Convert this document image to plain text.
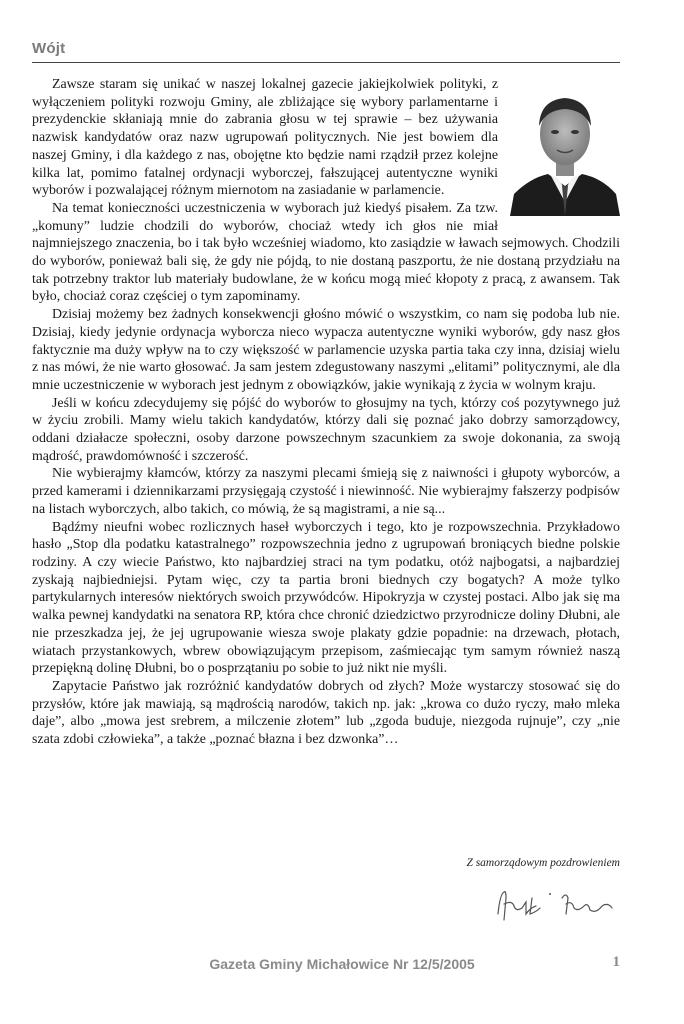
Wójt

Zawsze staram się unikać w naszej lokalnej gazecie jakiejkolwiek polityki, z wyłączeniem polityki rozwoju Gminy, ale zbliżające się wybory parlamentarne i prezydenckie skłaniają mnie do zabrania głosu w tej sprawie – bez używania nazwisk kandydatów oraz nazw ugrupowań politycznych. Nie jest bowiem dla naszej Gminy, i dla każdego z nas, obojętne kto będzie nami rządził przez kolejne kilka lat, pomimo fatalnej ordynacji wyborczej, fałszującej autentyczne wyniki wyborów i pozwalającej różnym miernotom na zasiadanie w parlamencie.

Na temat konieczności uczestniczenia w wyborach już kiedyś pisałem. Za tzw. „komuny” ludzie chodzili do wyborów, chociaż wtedy ich głos nie miał najmniejszego znaczenia, bo i tak było wcześniej wiadomo, kto zasiądzie w ławach sejmowych. Chodzili do wyborów, ponieważ bali się, że gdy nie pójdą, to nie dostaną paszportu, że nie dostaną przydziału na tak potrzebny traktor lub materiały budowlane, że w końcu mogą mieć kłopoty z pracą, z awansem. Tak było, chociaż coraz częściej o tym zapominamy.

Dzisiaj możemy bez żadnych konsekwencji głośno mówić o wszystkim, co nam się podoba lub nie. Dzisiaj, kiedy jedynie ordynacja wyborcza nieco wypacza autentyczne wyniki wyborów, gdy nasz głos faktycznie ma duży wpływ na to czy większość w parlamencie uzyska partia taka czy inna, dzisiaj wielu z nas mówi, że nie warto głosować. Ja sam jestem zdegustowany naszymi „elitami” politycznymi, ale dla mnie uczestniczenie w wyborach jest jednym z obowiązków, jakie wynikają z życia w wolnym kraju.

Jeśli w końcu zdecydujemy się pójść do wyborów to głosujmy na tych, którzy coś pozytywnego już w życiu zrobili. Mamy wielu takich kandydatów, którzy dali się poznać jako dobrzy samorządowcy, oddani działacze społeczni, osoby darzone powszechnym szacunkiem za swoje dokonania, za swoją mądrość, prawdomówność i szczerość.

Nie wybierajmy kłamców, którzy za naszymi plecami śmieją się z naiwności i głupoty wyborców, a przed kamerami i dziennikarzami przysięgają czystość i niewinność. Nie wybierajmy fałszerzy podpisów na listach wyborczych, albo takich, co mówią, że są magistrami, a nie są...

Bądźmy nieufni wobec rozlicznych haseł wyborczych i tego, kto je rozpowszechnia. Przykładowo hasło „Stop dla podatku katastralnego” rozpowszechnia jedno z ugrupowań broniących biedne polskie rodziny. A czy wiecie Państwo, kto najbardziej straci na tym podatku, otóż najbogatsi, a najbardziej zyskają najbiedniejsi. Pytam więc, czy ta partia broni biednych czy bogatych? A może tylko partykularnych interesów niektórych swoich przywódców. Hipokryzja w czystej postaci. Albo jak się ma walka pewnej kandydatki na senatora RP, która chce chronić dziedzictwo przyrodnicze doliny Dłubni, ale nie przeszkadza jej, że jej ugrupowanie wiesza swoje plakaty gdzie popadnie: na drzewach, płotach, wiatach przystankowych, wbrew obowiązującym przepisom, zaśmiecając tym samym również naszą przepiękną dolinę Dłubni, bo o posprzątaniu po sobie to już nikt nie myśli.

Zapytacie Państwo jak rozróżnić kandydatów dobrych od złych? Może wystarczy stosować się do przysłów, które jak mawiają, są mądrością narodów, takich np. jak: „krowa co dużo ryczy, mało mleka daje”, albo „mowa jest srebrem, a milczenie złotem” lub „zgoda buduje, niezgoda rujnuje”, czy „nie szata zdobi człowieka”, a także „poznać błazna i bez dzwonka”…

Z samorządowym pozdrowieniem
Gazeta Gminy Michałowice Nr 12/5/2005	1
